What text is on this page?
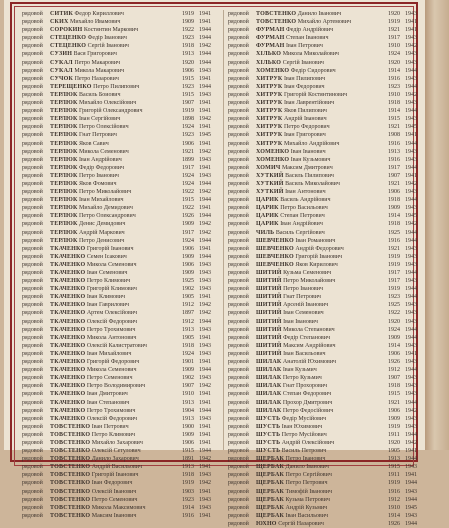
рядовой	СИТИК Федор Кириллович	1919 1941
рядовой	СКИХ Михайло Ивамович	1909 1941
рядовой	СОРОКИН Костянтин Маркович	1922 1944
рядовой	СТЕЦЕНКО Федір Іванович	1923 1944
рядовой	СТЕЦЕНКО Сергій Іванович	1918 1942
рядовой	СУЗИН Вася Григорович	1913 1944
рядовой	СУКАЛ Петро Макарович	1920 1944
рядовой	СУКАЛ Микола Макарович	1906 1943
рядовой	СУЧОК Петро Назарович	1915 1941
рядовой	ТЕРЕЩЕНКО Петро Пилипович	1923 1944
рядовой	ТЕРЛЮК Василь Боиович	1915 1943
рядовой	ТЕРЛЮК Михайло Олексійович	1907 1941
рядовой	ТЕРЛЮК Григорій Олександрович	1919 1941
рядовой	ТЕРЛЮК Іван Сергійович	1898 1942
рядовой	ТЕРЛЮК Петро Олексійович	1924 1941
рядовой	ТЕРЛЮК Гнат Петрович	1923 1945
рядовой	ТЕРЛЮК Яков Савич	1906 1941
рядовой	ТЕРЛЮК Микола Семенович	1921 1942
рядовой	ТЕРЛЮК Іван Андрійович	1899 1943
рядовой	ТЕРЛЮК Федір Федорович	1917 1941
рядовой	ТЕРЛЮК Петро Іванович	1924 1943
рядовой	ТЕРЛЮК Яков Фомович	1924 1944
рядовой	ТЕРЛЮК Петро Миколайович	1922 1942
рядовой	ТЕРЛЮК Іван Михайлович	1915 1944
рядовой	ТЕРЛЮК Михайло Демидович	1922 1941
рядовой	ТЕРЛЮК Петро Олександрович	1926 1944
рядовой	ТЕРЛЮК Денис Демидович	1909 1942
рядовой	ТЕРЛЮК Андрій Маркович	1917 1942
рядовой	ТЕРЛЮК Петро Денисович	1924 1944
рядовой	ТКАЧЕНКО Григорій Іванович	1906 1941
рядовой	ТКАЧЕНКО Семен Ісакович	1909 1944
рядовой	ТКАЧЕНКО Микола Семенович	1906 1943
рядовой	ТКАЧЕНКО Іван Семенович	1909 1943
рядовой	ТКАЧЕНКО Петро Климович	1925 1943
рядовой	ТКАЧЕНКО Григорій Климович	1902 1943
рядовой	ТКАЧЕНКО Іван Климович	1905 1941
рядовой	ТКАЧЕНКО Іван Гаврилович	1912 1942
рядовой	ТКАЧЕНКО Артем Олексійович	1897 1942
рядовой	ТКАЧЕНКО Олексій Федорович	1912 1944
рядовой	ТКАЧЕНКО Петро Трохимович	1913 1943
рядовой	ТКАЧЕНКО Микола Антонович	1905 1941
рядовой	ТКАЧЕНКО Олексій Калистратович	1918 1943
рядовой	ТКАЧЕНКО Іван Михайлович	1924 1943
рядовой	ТКАЧЕНКО Григорій Федорович	1901 1941
рядовой	ТКАЧЕНКО Микола Семенович	1909 1944
рядовой	ТКАЧЕНКО Петро Семенович	1902 1943
рядовой	ТКАЧЕНКО Петро Володимирович	1907 1942
рядовой	ТКАЧЕНКО Іван Дмитрович	1910 1941
рядовой	ТКАЧЕНКО Іван Степанович	1913 1941
рядовой	ТКАЧЕНКО Петро Трохимович	1904 1944
рядовой	ТКАЧЕНКО Олексій Федорович	1913 1943
рядовой	ТОВСТЕНКО Іван Петрович	1900 1941
рядовой	ТОВСТЕНКО Петро Климович	1909 1941
рядовой	ТОВСТЕНКО Михайло Захарович	1906 1941
рядовой	ТОВСТЕНКО Олексій Сетулович	1915 1944
рядовой	ТОВСТЕНКО Данило Захарович	1891 1942
рядовой	ТОВСТЕНКО Андрій Васильович	1913 1941
рядовой	ТОВСТЕНКО Григорій Іванович	1918 1943
рядовой	ТОВСТЕНКО Іван Федорович	1919 1942
рядовой	ТОВСТЕНКО Олексій Іванович	1903 1941
рядовой	ТОВСТЕНКО Петро Семенович	1923 1943
рядовой	ТОВСТЕНКО Микола Максимович	1914 1943
рядовой	ТОВСТЕНКО Максим Іванович	1916 1941
рядовой	ТОВСТЕНКО Данило Іванович	1920 1943
рядовой	ТОВСТЕНКО Михайло Артемович	1919 1941
рядовой	ФУРМАН Федір Андрійович	1921 1941
рядовой	ФУРМАН Степан Іванович	1917 1943
рядовой	ФУРМАН Іван Петрович	1910 1942
рядовой	ХІЛЬКО Микола Миколайович	1924 1943
рядовой	ХІЛЬКО Сергій Іванович	1920 1943
рядовой	ХОМЕНКО Федір Сидорович	1914 1944
рядовой	ХИТРУК Іван Пилипович	1916 1943
рядовой	ХИТРУК Іван Федорович	1923 1944
рядовой	ХИТРУК Григорій Костянтинович	1910 1942
рядовой	ХИТРУК Іван Лаврентійович	1918 1943
рядовой	ХИТРУК Яков Пилипович	1914 1944
рядовой	ХИТРУК Андрій Іванович	1915 1943
рядовой	ХИТРУК Петро Федорович	1921 1945
рядовой	ХИТРУК Іван Григорович	1908 1941
рядовой	ХИТРУК Михайло Андрійович	1916 1944
рядовой	ХОМЕНКО Іван Іванович	1913 1943
рядовой	ХОМЕНКО Іван Кузьмович	1916 1943
рядовой	ХОМИЧ Максим Дмитрович	1917 1944
рядовой	ХУТКИЙ Василь Пилипович	1907 1941
рядовой	ХУТКИЙ Василь Миколайович	1921 1942
рядовой	ХУТКИЙ Іван Антонович	1906 1943
рядовой	ЦАРИК Василь Андрійович	1918 1944
рядовой	ЦАРИК Петро Васильович	1909 1943
рядовой	ЦАРИК Степан Петрович	1914 1945
рядовой	ЦАРИК Іван Андрійович	1918 1942
рядовой	ЧИЛЬ Василь Сергійович	1925 1944
рядовой	ШЕВЧЕНКО Іван Романович	1916 1944
рядовой	ШЕВЧЕНКО Андрій Федорович	1921 1943
рядовой	ШЕВЧЕНКО Григорій Іванович	1919 1943
рядовой	ШЕВЧЕНКО Яков Кирилович	1919 1943
рядовой	ШИТИЙ Кузьма Семенович	1917 1944
рядовой	ШИТИЙ Петро Миколайович	1917 1943
рядовой	ШИТИЙ Петро Іванович	1919 1944
рядовой	ШИТИЙ Гнат Петрович	1923 1944
рядовой	ШИТИЙ Арсеній Іванович	1925 1943
рядовой	ШИТИЙ Іван Семенович	1922 1943
рядовой	ШИТИЙ Іван Іванович	1920 1943
рядовой	ШИТИЙ Микола Степанович	1924 1944
рядовой	ШИТИЙ Федір Степанович	1909 1944
рядовой	ШИТИЙ Максим Андрійович	1914 1943
рядовой	ШИТИЙ Іван Васильович	1906 1941
рядовой	ШИЛАК Анатолій Юхимович	1926 1943
рядовой	ШИЛАК Іван Кузьмич	1912 1944
рядовой	ШИЛАК Петро Кузьмич	1907 1943
рядовой	ШИЛАК Гнат Прохорович	1918 1943
рядовой	ШИЛАК Степан Федорович	1915 1943
рядовой	ШИЛАК Прохор Дмитрович	1921 1944
рядовой	ШИЛАК Петро Федосійович	1906 1942
рядовой	ШУСТЬ Федір Мусійович	1909 1943
рядовой	ШУСТЬ Іван Юхимович	1919 1943
рядовой	ШУСТЬ Петро Мусійович	1911 1944
рядовой	ШУСТЬ Андрій Олексійович	1920 1942
рядовой	ШУСТЬ Василь Петрович	1905 1941
рядовой	ЩЕРБАК Петро Іванович	1913 1944
рядовой	ЩЕРБАК Данило Іванович	1915 1943
рядовой	ЩЕРБАК Петро Сергійович	1911 1941
рядовой	ЩЕРБАК Петро Петрович	1919 1944
рядовой	ЩЕРБАК Тимофій Іванович	1916 1943
рядовой	ЩЕРБАК Кузьма Петрович	1912 1944
рядовой	ЩЕРБАК Андрій Кузьмич	1910 1945
рядовой	ЩЕРБАК Іван Васильович	1914 1943
рядовой	ЮХНО Сергій Назарович	1926 1944
